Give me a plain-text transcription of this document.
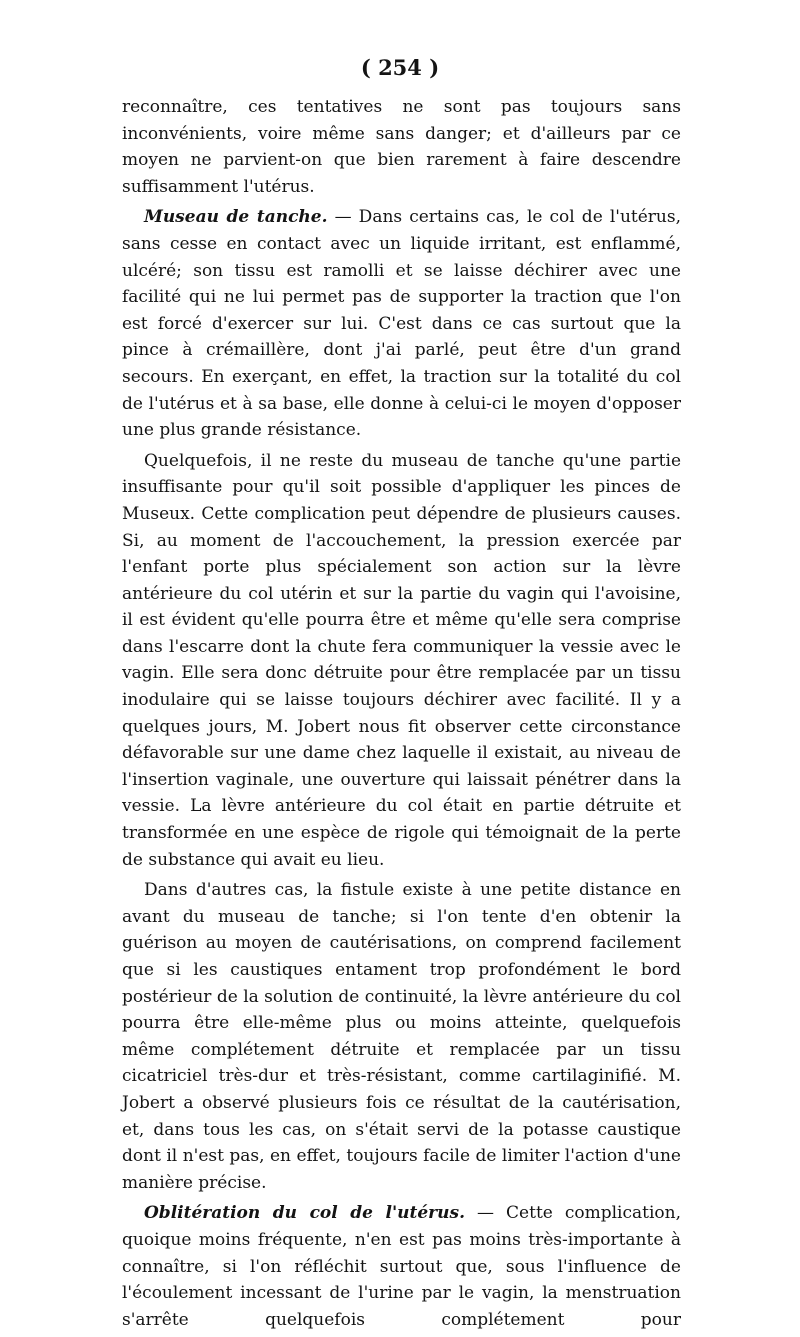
( 254 )

reconnaître, ces tentatives ne sont pas toujours sans inconvénients, voire même sans danger; et d'ailleurs par ce moyen ne parvient-on que bien rarement à faire descendre suffisamment l'utérus.

Museau de tanche. — Dans certains cas, le col de l'utérus, sans cesse en contact avec un liquide irritant, est enflammé, ulcéré; son tissu est ramolli et se laisse déchirer avec une facilité qui ne lui permet pas de supporter la traction que l'on est forcé d'exercer sur lui. C'est dans ce cas surtout que la pince à crémaillère, dont j'ai parlé, peut être d'un grand secours. En exerçant, en effet, la traction sur la totalité du col de l'utérus et à sa base, elle donne à celui-ci le moyen d'opposer une plus grande résistance.

Quelquefois, il ne reste du museau de tanche qu'une partie insuffisante pour qu'il soit possible d'appliquer les pinces de Museux. Cette complication peut dépendre de plusieurs causes. Si, au moment de l'accouchement, la pression exercée par l'enfant porte plus spécialement son action sur la lèvre antérieure du col utérin et sur la partie du vagin qui l'avoisine, il est évident qu'elle pourra être et même qu'elle sera comprise dans l'escarre dont la chute fera communiquer la vessie avec le vagin. Elle sera donc détruite pour être remplacée par un tissu inodulaire qui se laisse toujours déchirer avec facilité. Il y a quelques jours, M. Jobert nous fit observer cette circonstance défavorable sur une dame chez laquelle il existait, au niveau de l'insertion vaginale, une ouverture qui laissait pénétrer dans la vessie. La lèvre antérieure du col était en partie détruite et transformée en une espèce de rigole qui témoignait de la perte de substance qui avait eu lieu.

Dans d'autres cas, la fistule existe à une petite distance en avant du museau de tanche; si l'on tente d'en obtenir la guérison au moyen de cautérisations, on comprend facilement que si les caustiques entament trop profondément le bord postérieur de la solution de continuité, la lèvre antérieure du col pourra être elle-même plus ou moins atteinte, quelquefois même complétement détruite et remplacée par un tissu cicatriciel très-dur et très-résistant, comme cartilaginifié. M. Jobert a observé plusieurs fois ce résultat de la cautérisation, et, dans tous les cas, on s'était servi de la potasse caustique dont il n'est pas, en effet, toujours facile de limiter l'action d'une manière précise.

Oblitération du col de l'utérus. — Cette complication, quoique moins fréquente, n'en est pas moins très-importante à connaître, si l'on réfléchit surtout que, sous l'influence de l'écoulement incessant de l'urine par le vagin, la menstruation s'arrête quelquefois complétement pour
